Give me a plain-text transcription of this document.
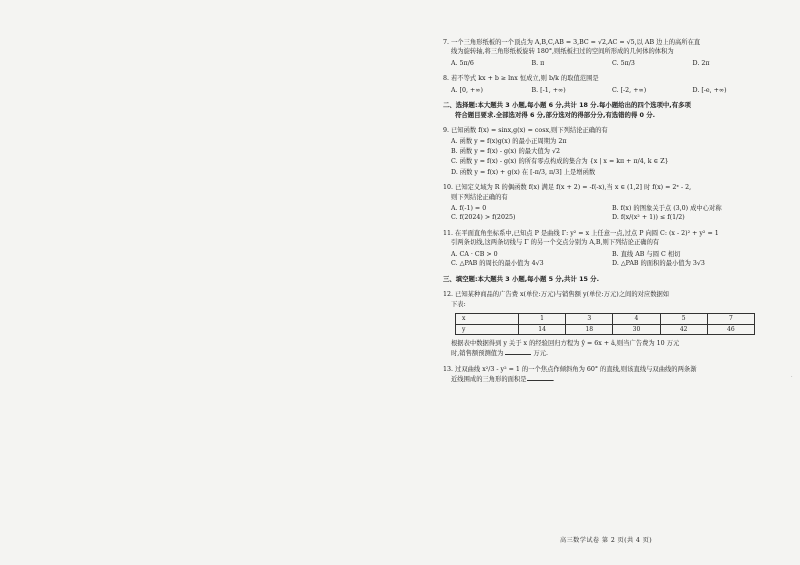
7. 一个三角形纸板的一个顶点为 A,B,C,AB = 3,BC = √2,AC = √5,以 AB 边上的高所在直
线为旋转轴,将三角形纸板旋转 180°,则纸板扫过的空间所形成的几何体的体积为
A. 5π/6	B. π	C. 5π/3	D. 2π
8. 若不等式 kx + b ≥ lnx 恒成立,则 b/k 的取值范围是
A. [0, +∞)	B. [-1, +∞)	C. [-2, +∞)	D. [-e, +∞)
二、选择题:本大题共 3 小题,每小题 6 分,共计 18 分.每小题给出的四个选项中,有多项
符合题目要求.全部选对得 6 分,部分选对的得部分分,有选错的得 0 分.
9. 已知函数 f(x) = sinx,g(x) = cosx,则下列结论正确的有
A. 函数 y = f(x)g(x) 的最小正周期为 2π
B. 函数 y = f(x) - g(x) 的最大值为 √2
C. 函数 y = f(x) - g(x) 的所有零点构成的集合为 {x | x = kπ + π/4, k ∈ Z}
D. 函数 y = f(x) + g(x) 在 [-π/3, π/3] 上是增函数
10. 已知定义域为 R 的偶函数 f(x) 满足 f(x + 2) = -f(-x),当 x ∈ (1,2] 时 f(x) = 2ˣ - 2,
则下列结论正确的有
A. f(-1) = 0	B. f(x) 的图象关于点 (3,0) 成中心对称
C. f(2024) > f(2025)	D. f(x/(x² + 1)) ≤ f(1/2)
11. 在平面直角坐标系中,已知点 P 是曲线 Γ: y² = x 上任意一点,过点 P 向圆 C: (x - 2)² + y² = 1
引两条切线,这两条切线与 Γ 的另一个交点分别为 A,B,则下列结论正确的有
A. CA · CB > 0	B. 直线 AB 与圆 C 相切
C. △PAB 的周长的最小值为 4√3	D. △PAB 的面积的最小值为 3√3
三、填空题:本大题共 3 小题,每小题 5 分,共计 15 分.
12. 已知某种商品的广告费 x(单位:万元)与销售额 y(单位:万元)之间的对应数据如
下表:
x	1	3	4	5	7
y	14	18	30	42	46
根据表中数据得到 y 关于 x 的经验回归方程为 ŷ = 6x + â,则当广告费为 10 万元
时,销售额预测值为	万元.
13. 过双曲线 x²/3 - y² = 1 的一个焦点作倾斜角为 60° 的直线,则该直线与双曲线的两条渐
近线围成的三角形的面积是	.
高三数学试卷 第 2 页(共 4 页)
·
